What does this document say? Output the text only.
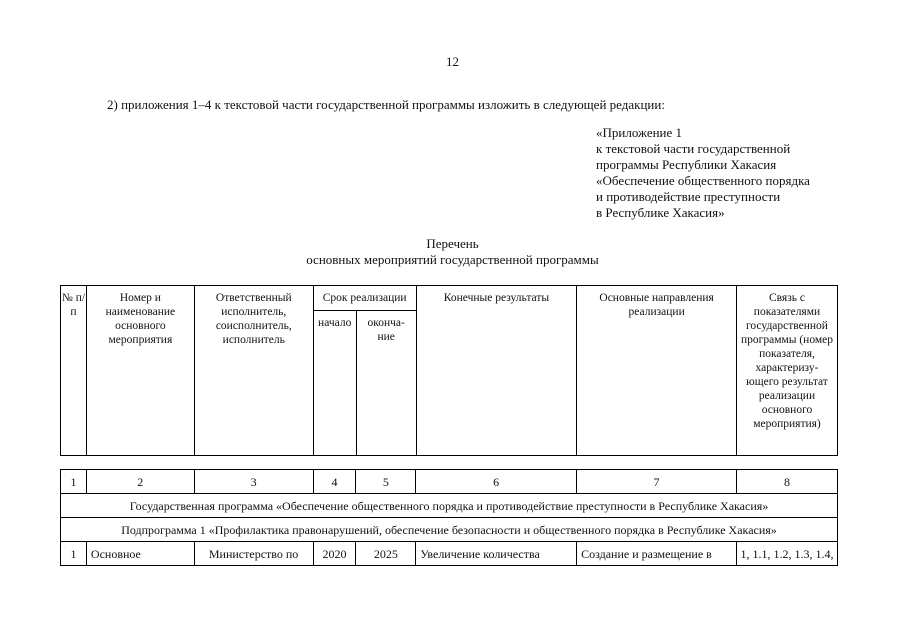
12
2) приложения 1–4 к текстовой части государственной программы изложить в следующей редакции:
«Приложение 1
к текстовой части государственной
программы Республики Хакасия
«Обеспечение общественного порядка
и противодействие преступности
в Республике Хакасия»
Перечень
основных мероприятий государственной программы
№ п/п	Номер и наименование основного мероприятия	Ответственный исполнитель, соисполнитель, исполнитель	Срок реализации		Конечные результаты	Основные направления реализации	Связь с показателями государственной программы (номер показателя, характеризу-ющего результат реализации основного мероприятия)
			начало	оконча-ние			
1	2	3	4	5	6	7	8
Государственная программа «Обеспечение общественного порядка и противодействие преступности в Республике Хакасия»							
Подпрограмма 1 «Профилактика правонарушений, обеспечение безопасности и общественного порядка в Республике Хакасия»							
1	Основное	Министерство по	2020	2025	Увеличение количества	Создание и размещение в	1, 1.1, 1.2, 1.3, 1.4,
